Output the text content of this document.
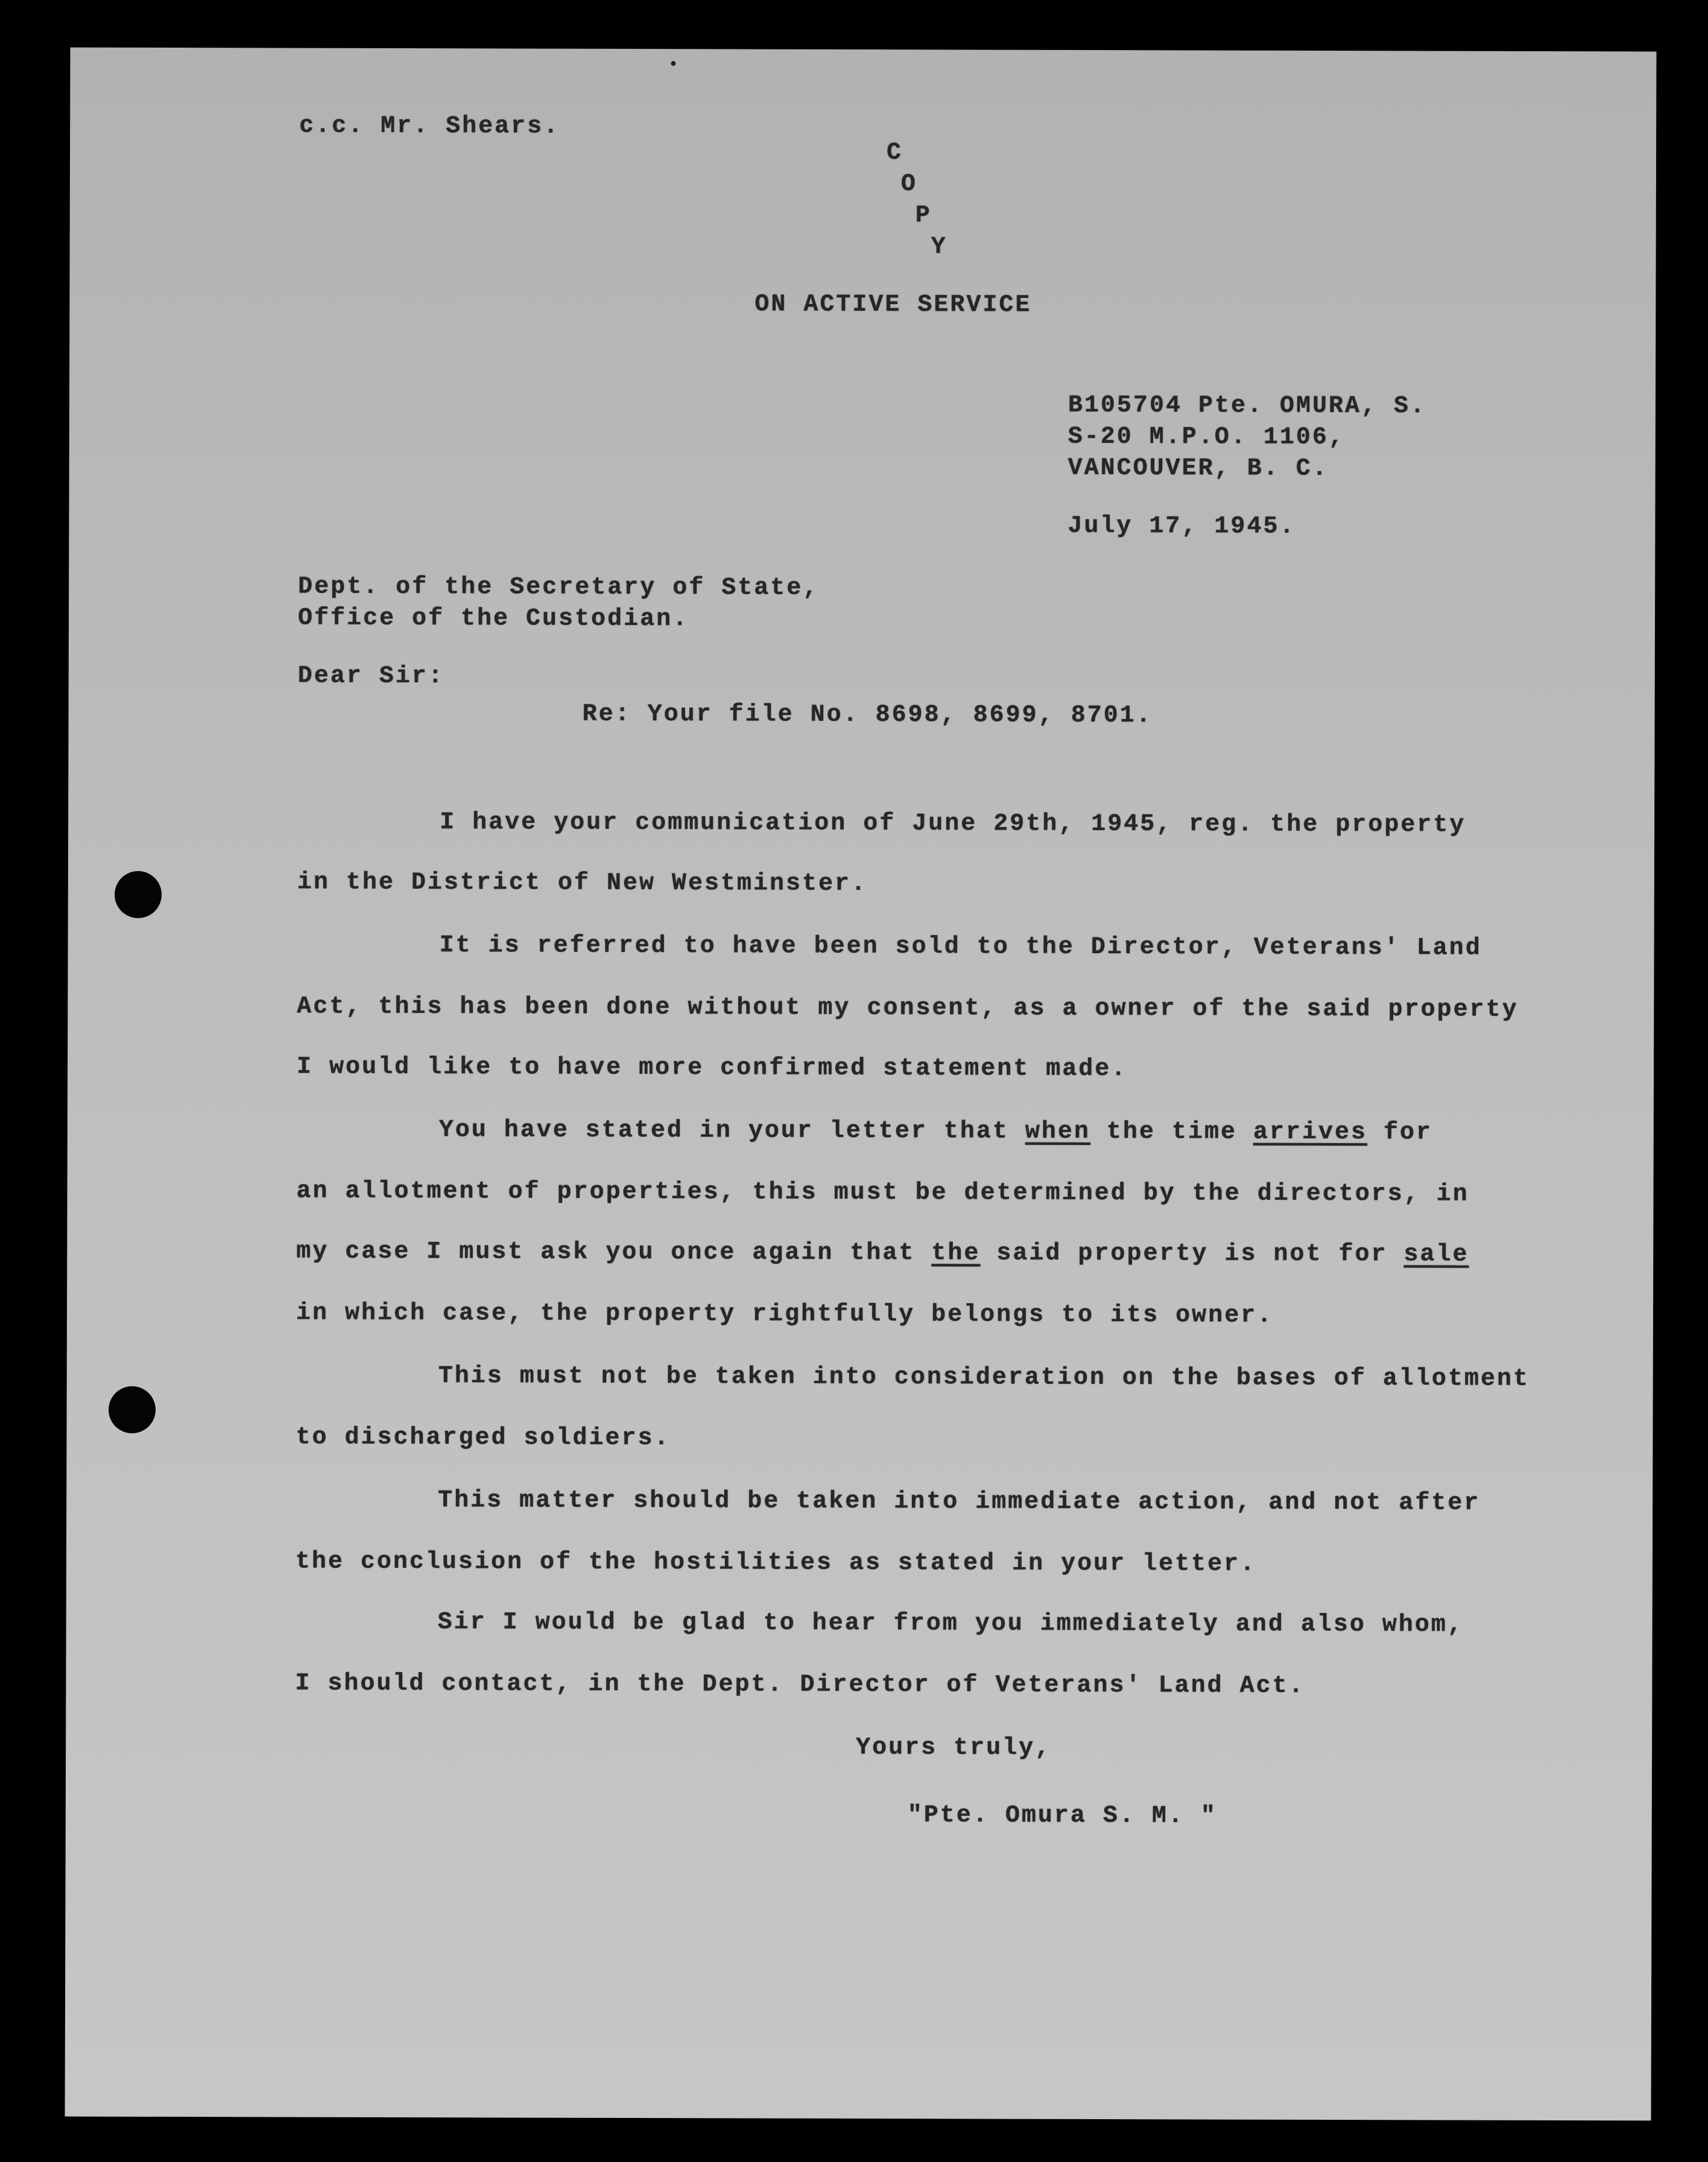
c.c. Mr. Shears.
C
O
P
Y
ON ACTIVE SERVICE
B105704 Pte. OMURA, S.
S-20 M.P.O. 1106,
VANCOUVER, B. C.
July 17, 1945.
Dept. of the Secretary of State,
Office of the Custodian.
Dear Sir:
Re: Your file No. 8698, 8699, 8701.
I have your communication of June 29th, 1945, reg. the property
in the District of New Westminster.
It is referred to have been sold to the Director, Veterans' Land
Act, this has been done without my consent, as a owner of the said property
I would like to have more confirmed statement made.
You have stated in your letter that when the time arrives for
an allotment of properties, this must be determined by the directors, in
my case I must ask you once again that the said property is not for sale
in which case, the property rightfully belongs to its owner.
This must not be taken into consideration on the bases of allotment
to discharged soldiers.
This matter should be taken into immediate action, and not after
the conclusion of the hostilities as stated in your letter.
Sir I would be glad to hear from you immediately and also whom,
I should contact, in the Dept. Director of Veterans' Land Act.
Yours truly,
"Pte. Omura S. M. "
